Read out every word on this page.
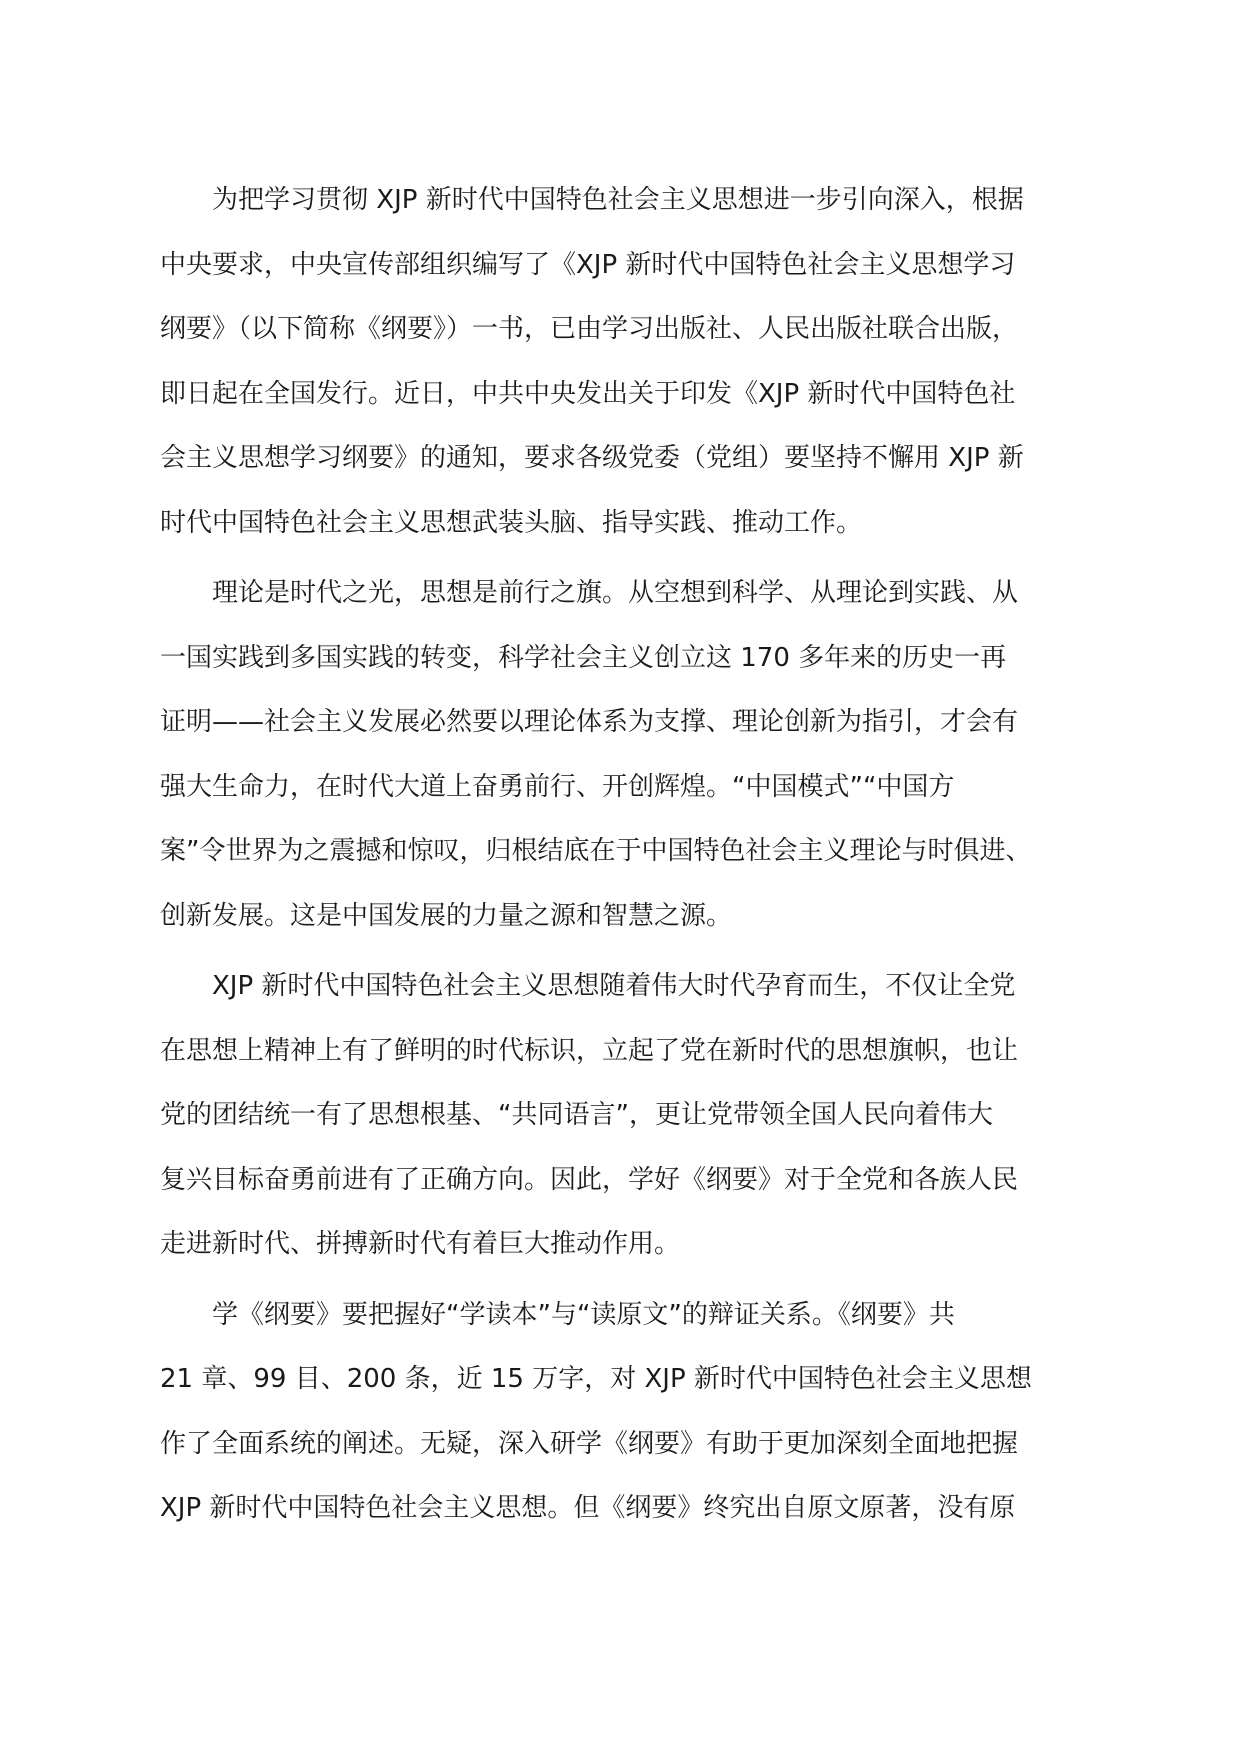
为把学习贯彻 XJP 新时代中国特色社会主义思想进一步引向深入，根据
中央要求，中央宣传部组织编写了《XJP 新时代中国特色社会主义思想学习
纲要》（以下简称《纲要》）一书，已由学习出版社、人民出版社联合出版，
即日起在全国发行。近日，中共中央发出关于印发《XJP 新时代中国特色社
会主义思想学习纲要》的通知，要求各级党委（党组）要坚持不懈用 XJP 新
时代中国特色社会主义思想武装头脑、指导实践、推动工作。
理论是时代之光，思想是前行之旗。从空想到科学、从理论到实践、从
一国实践到多国实践的转变，科学社会主义创立这 170 多年来的历史一再
证明——社会主义发展必然要以理论体系为支撑、理论创新为指引，才会有
强大生命力，在时代大道上奋勇前行、开创辉煌。“中国模式”“中国方
案”令世界为之震撼和惊叹，归根结底在于中国特色社会主义理论与时俱进、
创新发展。这是中国发展的力量之源和智慧之源。
XJP 新时代中国特色社会主义思想随着伟大时代孕育而生，不仅让全党
在思想上精神上有了鲜明的时代标识，立起了党在新时代的思想旗帜，也让
党的团结统一有了思想根基、“共同语言”，更让党带领全国人民向着伟大
复兴目标奋勇前进有了正确方向。因此，学好《纲要》对于全党和各族人民
走进新时代、拼搏新时代有着巨大推动作用。
学《纲要》要把握好“学读本”与“读原文”的辩证关系。《纲要》共
21 章、99 目、200 条，近 15 万字，对 XJP 新时代中国特色社会主义思想
作了全面系统的阐述。无疑，深入研学《纲要》有助于更加深刻全面地把握
XJP 新时代中国特色社会主义思想。但《纲要》终究出自原文原著，没有原
